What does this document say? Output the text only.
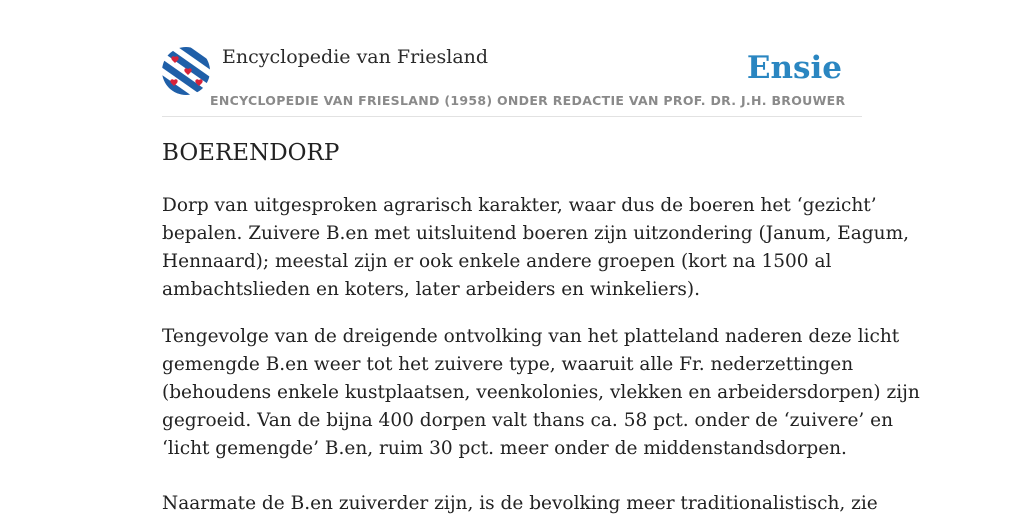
Encyclopedie van Friesland	Ensie
ENCYCLOPEDIE VAN FRIESLAND (1958) ONDER REDACTIE VAN PROF. DR. J.H. BROUWER
BOERENDORP

Dorp van uitgesproken agrarisch karakter, waar dus de boeren het ‘gezicht’
bepalen. Zuivere B.en met uitsluitend boeren zijn uitzondering (Janum, Eagum,
Hennaard); meestal zijn er ook enkele andere groepen (kort na 1500 al
ambachtslieden en koters, later arbeiders en winkeliers).

Tengevolge van de dreigende ontvolking van het platteland naderen deze licht
gemengde B.en weer tot het zuivere type, waaruit alle Fr. nederzettingen
(behoudens enkele kustplaatsen, veenkolonies, vlekken en arbeidersdorpen) zijn
gegroeid. Van de bijna 400 dorpen valt thans ca. 58 pct. onder de ‘zuivere’ en
‘licht gemengde’ B.en, ruim 30 pct. meer onder de middenstandsdorpen.

Naarmate de B.en zuiverder zijn, is de bevolking meer traditionalistisch, zie
